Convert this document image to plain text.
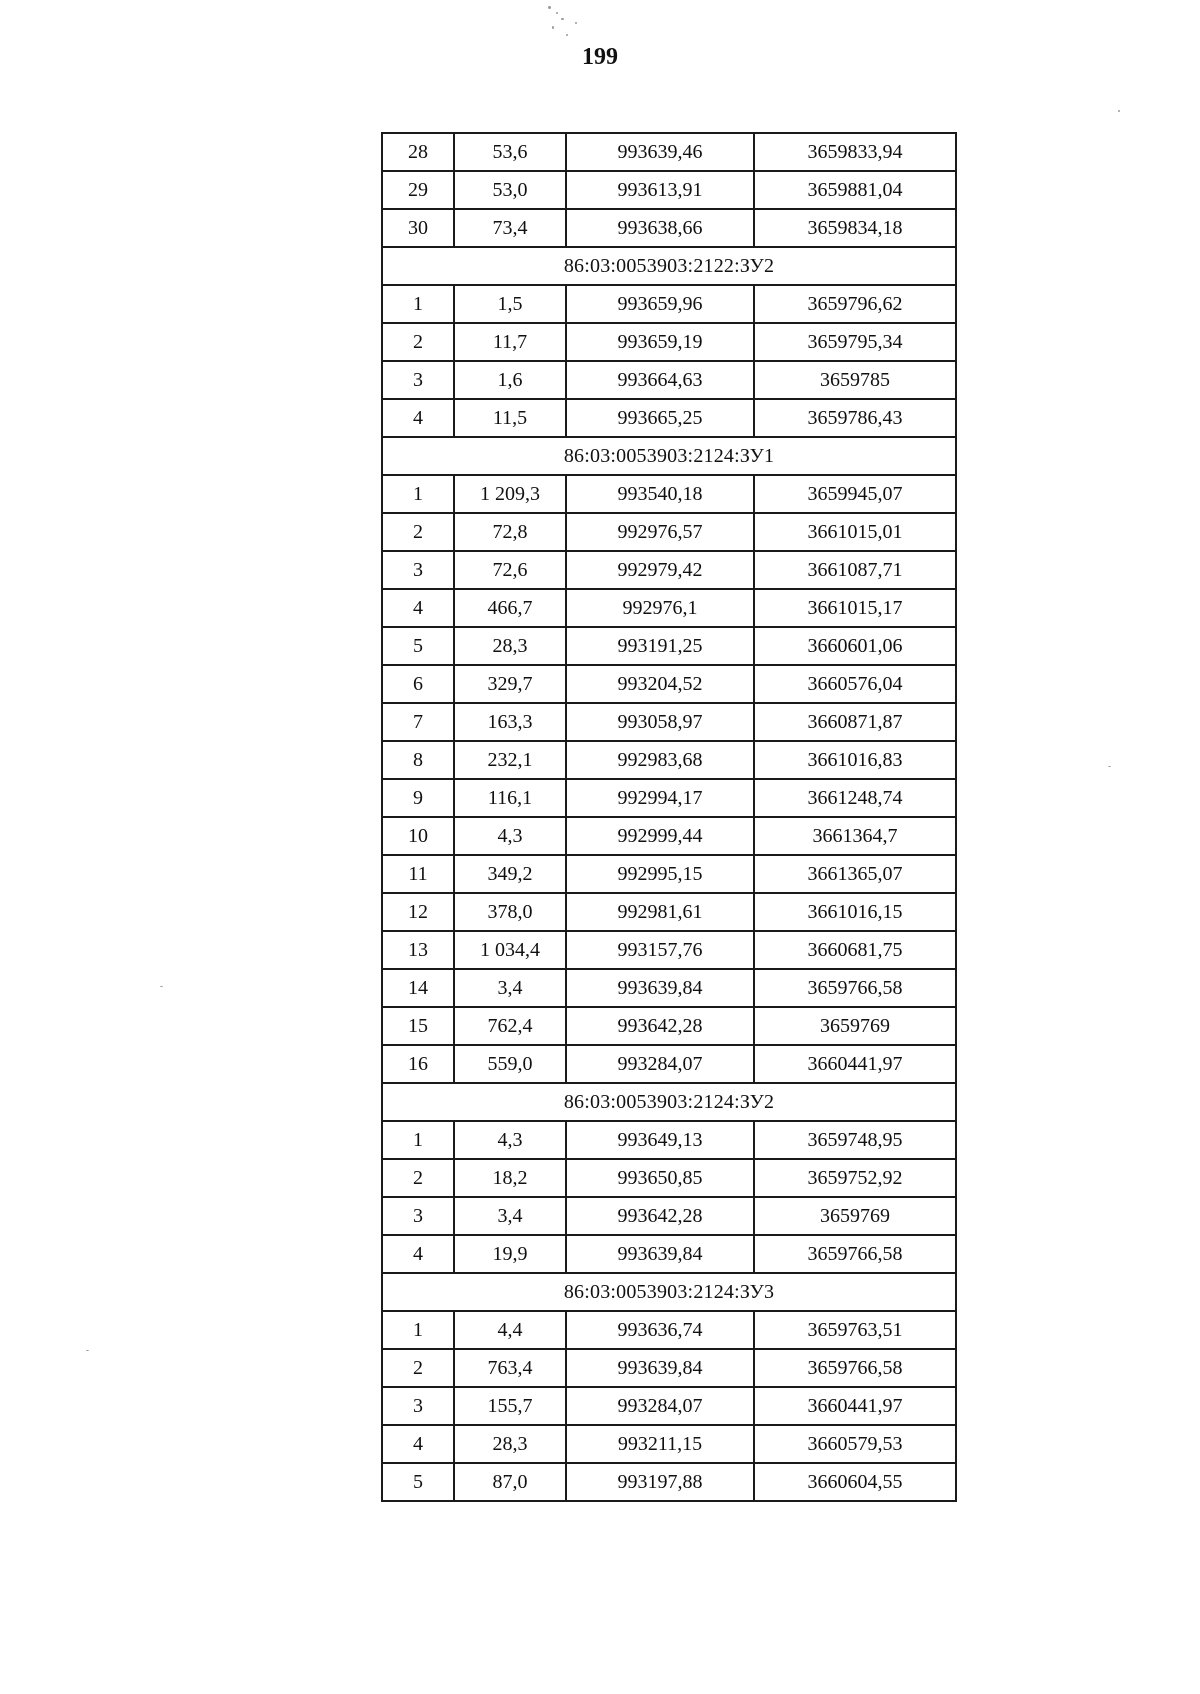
199
28	53,6	993639,46	3659833,94
29	53,0	993613,91	3659881,04
30	73,4	993638,66	3659834,18
86:03:0053903:2122:ЗУ2			
1	1,5	993659,96	3659796,62
2	11,7	993659,19	3659795,34
3	1,6	993664,63	3659785
4	11,5	993665,25	3659786,43
86:03:0053903:2124:ЗУ1			
1	1 209,3	993540,18	3659945,07
2	72,8	992976,57	3661015,01
3	72,6	992979,42	3661087,71
4	466,7	992976,1	3661015,17
5	28,3	993191,25	3660601,06
6	329,7	993204,52	3660576,04
7	163,3	993058,97	3660871,87
8	232,1	992983,68	3661016,83
9	116,1	992994,17	3661248,74
10	4,3	992999,44	3661364,7
11	349,2	992995,15	3661365,07
12	378,0	992981,61	3661016,15
13	1 034,4	993157,76	3660681,75
14	3,4	993639,84	3659766,58
15	762,4	993642,28	3659769
16	559,0	993284,07	3660441,97
86:03:0053903:2124:ЗУ2			
1	4,3	993649,13	3659748,95
2	18,2	993650,85	3659752,92
3	3,4	993642,28	3659769
4	19,9	993639,84	3659766,58
86:03:0053903:2124:ЗУ3			
1	4,4	993636,74	3659763,51
2	763,4	993639,84	3659766,58
3	155,7	993284,07	3660441,97
4	28,3	993211,15	3660579,53
5	87,0	993197,88	3660604,55
